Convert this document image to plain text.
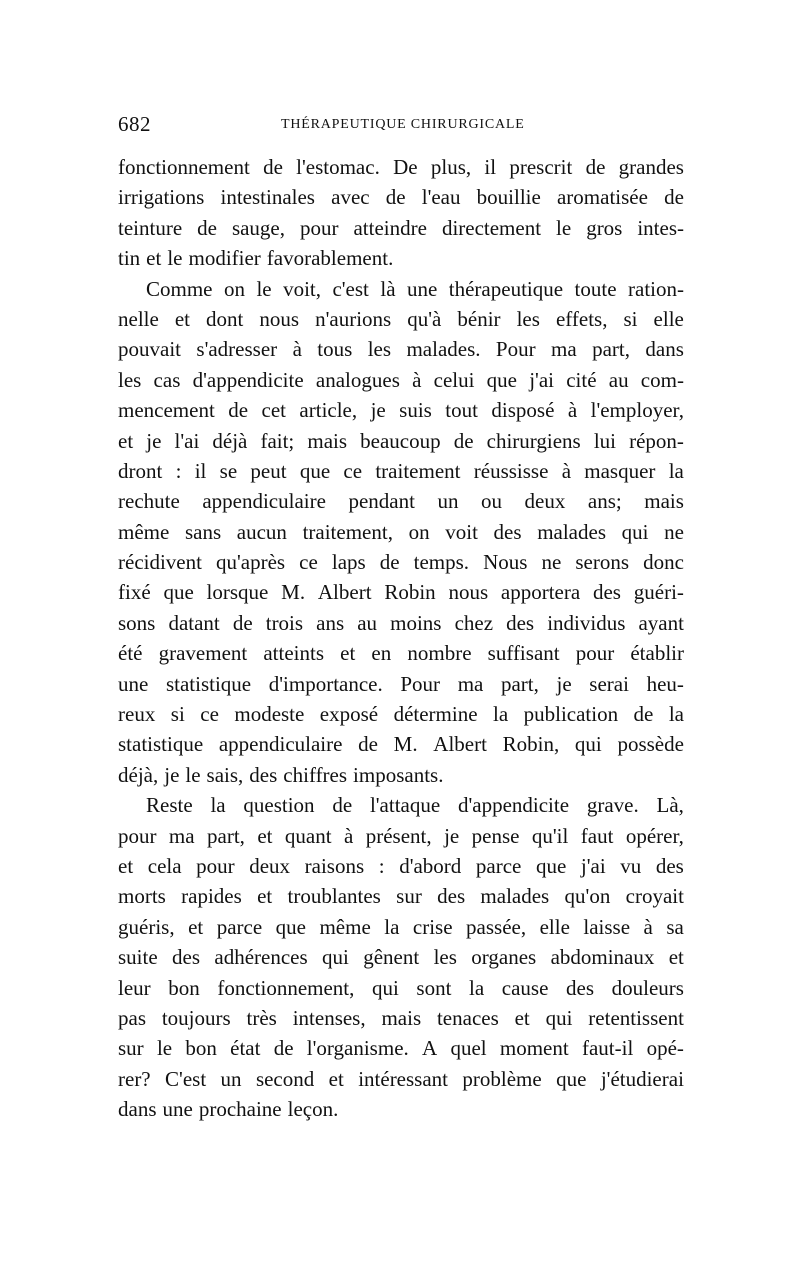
682	THÉRAPEUTIQUE CHIRURGICALE
fonctionnement de l'estomac. De plus, il prescrit de grandes
irrigations intestinales avec de l'eau bouillie aromatisée de
teinture de sauge, pour atteindre directement le gros intes-
tin et le modifier favorablement.
Comme on le voit, c'est là une thérapeutique toute ration-
nelle et dont nous n'aurions qu'à bénir les effets, si elle
pouvait s'adresser à tous les malades. Pour ma part, dans
les cas d'appendicite analogues à celui que j'ai cité au com-
mencement de cet article, je suis tout disposé à l'employer,
et je l'ai déjà fait; mais beaucoup de chirurgiens lui répon-
dront : il se peut que ce traitement réussisse à masquer la
rechute appendiculaire pendant un ou deux ans; mais
même sans aucun traitement, on voit des malades qui ne
récidivent qu'après ce laps de temps. Nous ne serons donc
fixé que lorsque M. Albert Robin nous apportera des guéri-
sons datant de trois ans au moins chez des individus ayant
été gravement atteints et en nombre suffisant pour établir
une statistique d'importance. Pour ma part, je serai heu-
reux si ce modeste exposé détermine la publication de la
statistique appendiculaire de M. Albert Robin, qui possède
déjà, je le sais, des chiffres imposants.
Reste la question de l'attaque d'appendicite grave. Là,
pour ma part, et quant à présent, je pense qu'il faut opérer,
et cela pour deux raisons : d'abord parce que j'ai vu des
morts rapides et troublantes sur des malades qu'on croyait
guéris, et parce que même la crise passée, elle laisse à sa
suite des adhérences qui gênent les organes abdominaux et
leur bon fonctionnement, qui sont la cause des douleurs
pas toujours très intenses, mais tenaces et qui retentissent
sur le bon état de l'organisme. A quel moment faut-il opé-
rer? C'est un second et intéressant problème que j'étudierai
dans une prochaine leçon.
